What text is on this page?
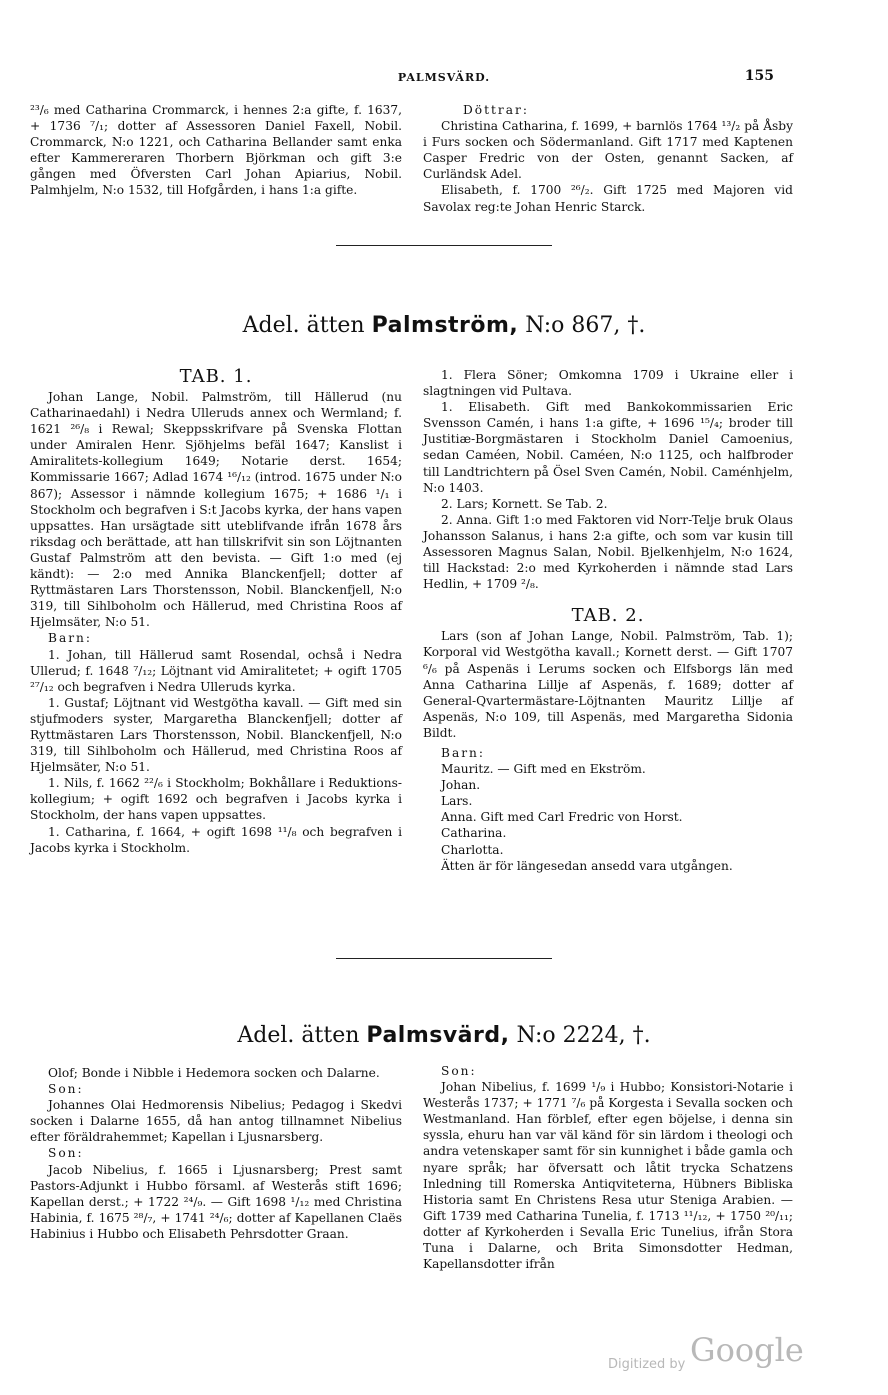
PALMSVÄRD.	155

²³/₆ med Catharina Crommarck, i hennes 2:a gifte, f. 1637, + 1736 ⁷/₁; dotter af Assessoren Daniel Faxell, Nobil. Crommarck, N:o 1221, och Catharina Bellander samt enka efter Kammereraren Thorbern Björkman och gift 3:e gången med Öfversten Carl Johan Apiarius, Nobil. Palmhjelm, N:o 1532, till Hofgården, i hans 1:a gifte.

Döttrar:

Christina Catharina, f. 1699, + barnlös 1764 ¹³/₂ på Åsby i Furs socken och Södermanland. Gift 1717 med Kaptenen Casper Fredric von der Osten, genannt Sacken, af Curländsk Adel.

Elisabeth, f. 1700 ²⁶/₂. Gift 1725 med Majoren vid Savolax reg:te Johan Henric Starck.

Adel. ätten Palmström, N:o 867, †.

TAB. 1.

Johan Lange, Nobil. Palmström, till Hällerud (nu Catharinaedahl) i Nedra Ulleruds annex och Wermland; f. 1621 ²⁶/₈ i Rewal; Skeppsskrifvare på Svenska Flottan under Amiralen Henr. Sjöhjelms befäl 1647; Kanslist i Amiralitets-kollegium 1649; Notarie derst. 1654; Kommissarie 1667; Adlad 1674 ¹⁶/₁₂ (introd. 1675 under N:o 867); Assessor i nämnde kollegium 1675; + 1686 ¹/₁ i Stockholm och begrafven i S:t Jacobs kyrka, der hans vapen uppsattes. Han ursägtade sitt uteblifvande ifrån 1678 års riksdag och berättade, att han tillskrifvit sin son Löjtnanten Gustaf Palmström att den bevista. — Gift 1:o med (ej kändt): — 2:o med Annika Blanckenfjell; dotter af Ryttmästaren Lars Thorstensson, Nobil. Blanckenfjell, N:o 319, till Sihlboholm och Hällerud, med Christina Roos af Hjelmsäter, N:o 51.

Barn:

1. Johan, till Hällerud samt Rosendal, ochså i Nedra Ullerud; f. 1648 ⁷/₁₂; Löjtnant vid Amiralitetet; + ogift 1705 ²⁷/₁₂ och begrafven i Nedra Ulleruds kyrka.

1. Gustaf; Löjtnant vid Westgötha kavall. — Gift med sin stjufmoders syster, Margaretha Blanckenfjell; dotter af Ryttmästaren Lars Thorstensson, Nobil. Blanckenfjell, N:o 319, till Sihlboholm och Hällerud, med Christina Roos af Hjelmsäter, N:o 51.

1. Nils, f. 1662 ²²/₆ i Stockholm; Bokhållare i Reduktions-kollegium; + ogift 1692 och begrafven i Jacobs kyrka i Stockholm, der hans vapen uppsattes.

1. Catharina, f. 1664, + ogift 1698 ¹¹/₈ och begrafven i Jacobs kyrka i Stockholm.

1. Flera Söner; Omkomna 1709 i Ukraine eller i slagtningen vid Pultava.

1. Elisabeth. Gift med Bankokommissarien Eric Svensson Camén, i hans 1:a gifte, + 1696 ¹⁵/₄; broder till Justitiæ-Borgmästaren i Stockholm Daniel Camoenius, sedan Caméen, Nobil. Caméen, N:o 1125, och halfbroder till Landtrichtern på Ösel Sven Camén, Nobil. Caménhjelm, N:o 1403.

2. Lars; Kornett. Se Tab. 2.

2. Anna. Gift 1:o med Faktoren vid Norr-Telje bruk Olaus Johansson Salanus, i hans 2:a gifte, och som var kusin till Assessoren Magnus Salan, Nobil. Bjelkenhjelm, N:o 1624, till Hackstad: 2:o med Kyrkoherden i nämnde stad Lars Hedlin, + 1709 ²/₈.

TAB. 2.

Lars (son af Johan Lange, Nobil. Palmström, Tab. 1); Korporal vid Westgötha kavall.; Kornett derst. — Gift 1707 ⁶/₆ på Aspenäs i Lerums socken och Elfsborgs län med Anna Catharina Lillje af Aspenäs, f. 1689; dotter af General-Qvartermästare-Löjtnanten Mauritz Lillje af Aspenäs, N:o 109, till Aspenäs, med Margaretha Sidonia Bildt.

Barn:

Mauritz. — Gift med en Ekström.

Johan.

Lars.

Anna. Gift med Carl Fredric von Horst.

Catharina.

Charlotta.

Ätten är för längesedan ansedd vara utgången.

Adel. ätten Palmsvärd, N:o 2224, †.

Olof; Bonde i Nibble i Hedemora socken och Dalarne.

Son:

Johannes Olai Hedmorensis Nibelius; Pedagog i Skedvi socken i Dalarne 1655, då han antog tillnamnet Nibelius efter föräldrahemmet; Kapellan i Ljusnarsberg.

Son:

Jacob Nibelius, f. 1665 i Ljusnarsberg; Prest samt Pastors-Adjunkt i Hubbo församl. af Westerås stift 1696; Kapellan derst.; + 1722 ²⁴/₉. — Gift 1698 ¹/₁₂ med Christina Habinia, f. 1675 ²⁸/₇, + 1741 ²⁴/₆; dotter af Kapellanen Claës Habinius i Hubbo och Elisabeth Pehrsdotter Graan.

Son:

Johan Nibelius, f. 1699 ¹/₉ i Hubbo; Konsistori-Notarie i Westerås 1737; + 1771 ⁷/₆ på Korgesta i Sevalla socken och Westmanland. Han förblef, efter egen böjelse, i denna sin syssla, ehuru han var väl känd för sin lärdom i theologi och andra vetenskaper samt för sin kunnighet i både gamla och nyare språk; har öfversatt och låtit trycka Schatzens Inledning till Romerska Antiqviteterna, Hübners Bibliska Historia samt En Christens Resa utur Steniga Arabien. — Gift 1739 med Catharina Tunelia, f. 1713 ¹¹/₁₂, + 1750 ²⁰/₁₁; dotter af Kyrkoherden i Sevalla Eric Tunelius, ifrån Stora Tuna i Dalarne, och Brita Simonsdotter Hedman, Kapellansdotter ifrån

Digitized by Google
